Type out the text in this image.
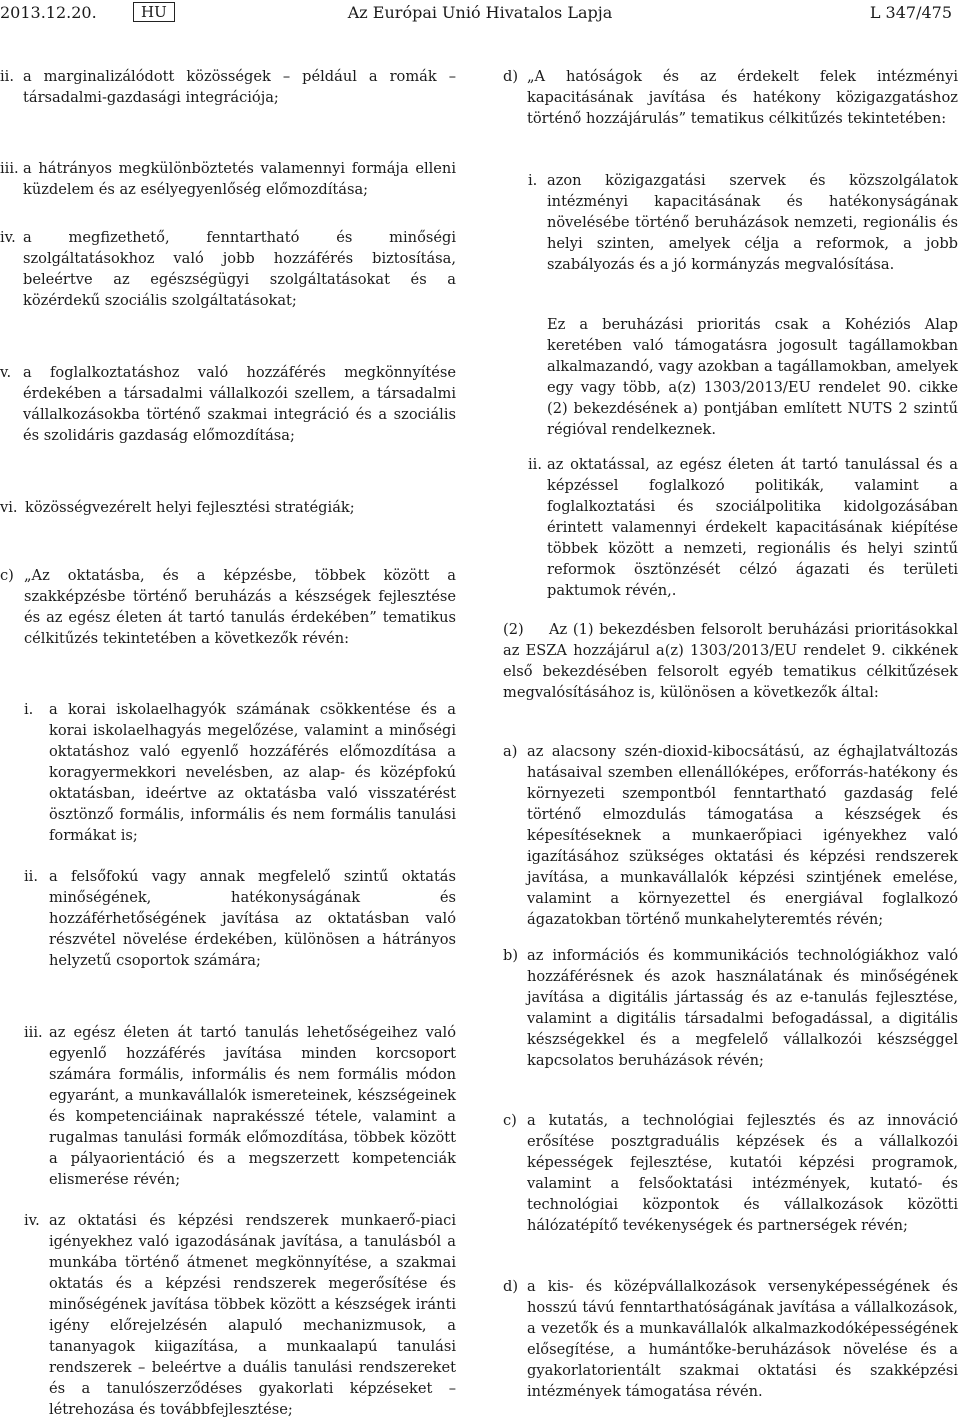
2013.12.20.	HU	Az Európai Unió Hivatalos Lapja	L 347/475
ii. a marginalizálódott közösségek – például a romák – társadalmi-gazdasági integrációja;
iii. a hátrányos megkülönböztetés valamennyi formája elleni küzdelem és az esélyegyenlőség előmozdítása;
iv. a megfizethető, fenntartható és minőségi szolgáltatásokhoz való jobb hozzáférés biztosítása, beleértve az egészségügyi szolgáltatásokat és a közérdekű szociális szolgáltatásokat;
v. a foglalkoztatáshoz való hozzáférés megkönnyítése érdekében a társadalmi vállalkozói szellem, a társadalmi vállalkozásokba történő szakmai integráció és a szociális és szolidáris gazdaság előmozdítása;
vi. közösségvezérelt helyi fejlesztési stratégiák;
c) „Az oktatásba, és a képzésbe, többek között a szakképzésbe történő beruházás a készségek fejlesztése és az egész életen át tartó tanulás érdekében” tematikus célkitűzés tekintetében a következők révén:
i.	a korai iskolaelhagyók számának csökkentése és a korai iskolaelhagyás megelőzése, valamint a minőségi oktatáshoz való egyenlő hozzáférés előmozdítása a koragyermekkori nevelésben, az alap- és középfokú oktatásban, ideértve az oktatásba való visszatérést ösztönző formális, informális és nem formális tanulási formákat is;
ii. a felsőfokú vagy annak megfelelő szintű oktatás minőségének, hatékonyságának és hozzáférhetőségének javítása az oktatásban való részvétel növelése érdekében, különösen a hátrányos helyzetű csoportok számára;
iii. az egész életen át tartó tanulás lehetőségeihez való egyenlő hozzáférés javítása minden korcsoport számára formális, informális és nem formális módon egyaránt, a munkavállalók ismereteinek, készségeinek és kompetenciáinak naprakésszé tétele, valamint a rugalmas tanulási formák előmozdítása, többek között a pályaorientáció és a megszerzett kompetenciák elismerése révén;
iv. az oktatási és képzési rendszerek munkaerő-piaci igényekhez való igazodásának javítása, a tanulásból a munkába történő átmenet megkönnyítése, a szakmai oktatás és a képzési rendszerek megerősítése és minőségének javítása többek között a készségek iránti igény előrejelzésén alapuló mechanizmusok, a tananyagok kiigazítása, a munkaalapú tanulási rendszerek – beleértve a duális tanulási rendszereket és a tanulószerződéses gyakorlati képzéseket – létrehozása és továbbfejlesztése;
d) „A hatóságok és az érdekelt felek intézményi kapacitásának javítása és hatékony közigazgatáshoz történő hozzájárulás” tematikus célkitűzés tekintetében:
i. azon közigazgatási szervek és közszolgálatok intézményi kapacitásának és hatékonyságának növelésébe történő beruházások nemzeti, regionális és helyi szinten, amelyek célja a reformok, a jobb szabályozás és a jó kormányzás megvalósítása.
Ez a beruházási prioritás csak a Kohéziós Alap keretében való támogatásra jogosult tagállamokban alkalmazandó, vagy azokban a tagállamokban, amelyek egy vagy több, a(z) 1303/2013/EU rendelet 90. cikke (2) bekezdésének a) pontjában említett NUTS 2 szintű régióval rendelkeznek.
ii. az oktatással, az egész életen át tartó tanulással és a képzéssel foglalkozó politikák, valamint a foglalkoztatási és szociálpolitika kidolgozásában érintett valamennyi érdekelt kapacitásának kiépítése többek között a nemzeti, regionális és helyi szintű reformok ösztönzését célzó ágazati és területi paktumok révén,.
(2)	Az (1) bekezdésben felsorolt beruházási prioritásokkal az ESZA hozzájárul a(z) 1303/2013/EU rendelet 9. cikkének első bekezdésében felsorolt egyéb tematikus célkitűzések megvalósításához is, különösen a következők által:
a) az alacsony szén-dioxid-kibocsátású, az éghajlatváltozás hatásaival szemben ellenállóképes, erőforrás-hatékony és környezeti szempontból fenntartható gazdaság felé történő elmozdulás támogatása a készségek és képesítéseknek a munkaerőpiaci igényekhez való igazításához szükséges oktatási és képzési rendszerek javítása, a munkavállalók képzési szintjének emelése, valamint a környezettel és energiával foglalkozó ágazatokban történő munkahelyteremtés révén;
b) az információs és kommunikációs technológiákhoz való hozzáférésnek és azok használatának és minőségének javítása a digitális jártasság és az e-tanulás fejlesztése, valamint a digitális társadalmi befogadással, a digitális készségekkel és a megfelelő vállalkozói készséggel kapcsolatos beruházások révén;
c) a kutatás, a technológiai fejlesztés és az innováció erősítése posztgraduális képzések és a vállalkozói képességek fejlesztése, kutatói képzési programok, valamint a felsőoktatási intézmények, kutató- és technológiai központok és vállalkozások közötti hálózatépítő tevékenységek és partnerségek révén;
d) a kis- és középvállalkozások versenyképességének és hosszú távú fenntarthatóságának javítása a vállalkozások, a vezetők és a munkavállalók alkalmazkodóképességének elősegítése, a humántőke-beruházások növelése és a gyakorlatorientált szakmai oktatási és szakképzési intézmények támogatása révén.
